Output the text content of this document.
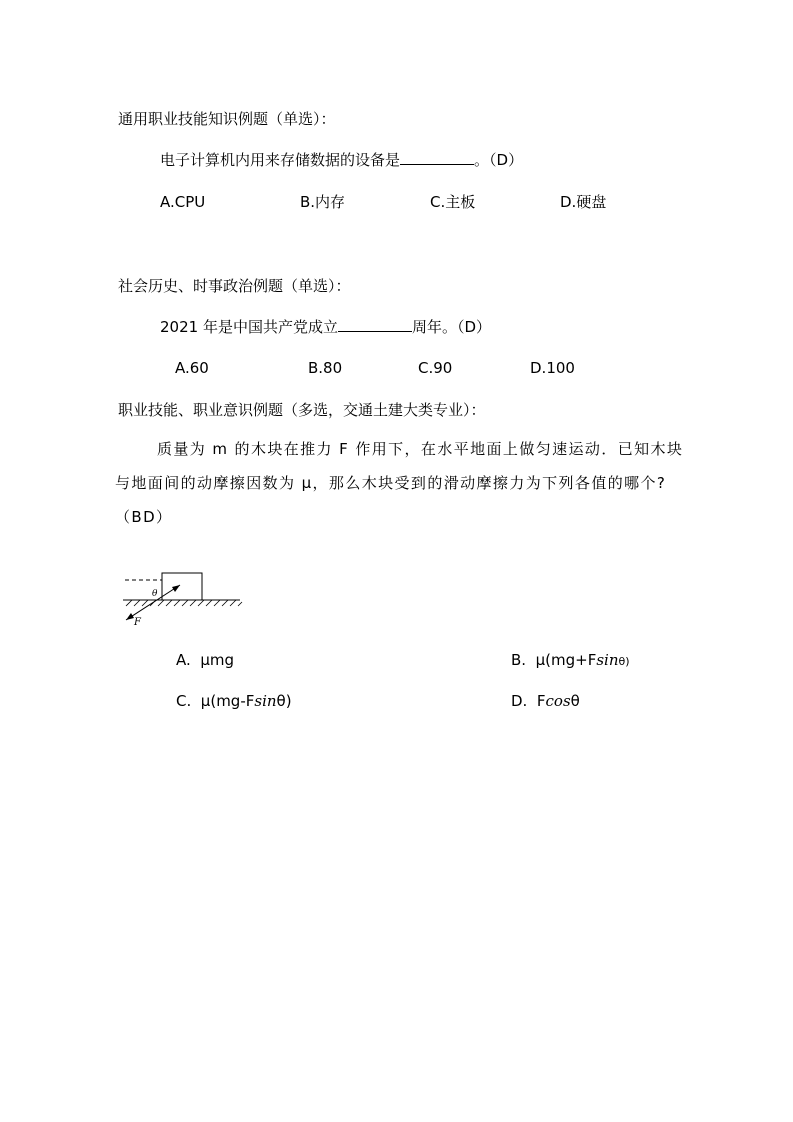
通用职业技能知识例题（单选）：
电子计算机内用来存储数据的设备是	。（D）
A.CPU	B.内存	C.主板	D.硬盘
社会历史、时事政治例题（单选）：
2021 年是中国共产党成立	周年。（D）
A.60	B.80	C.90	D.100
职业技能、职业意识例题（多选，交通土建大类专业）：
质量为 m 的木块在推力 F 作用下，在水平地面上做匀速运动．已知木块与地面间的动摩擦因数为 μ，那么木块受到的滑动摩擦力为下列各值的哪个?（BD）
θ
F
A. μmg	B. μ(mg+Fsinθ)
C. μ(mg-Fsinθ)	D. Fcosθ
